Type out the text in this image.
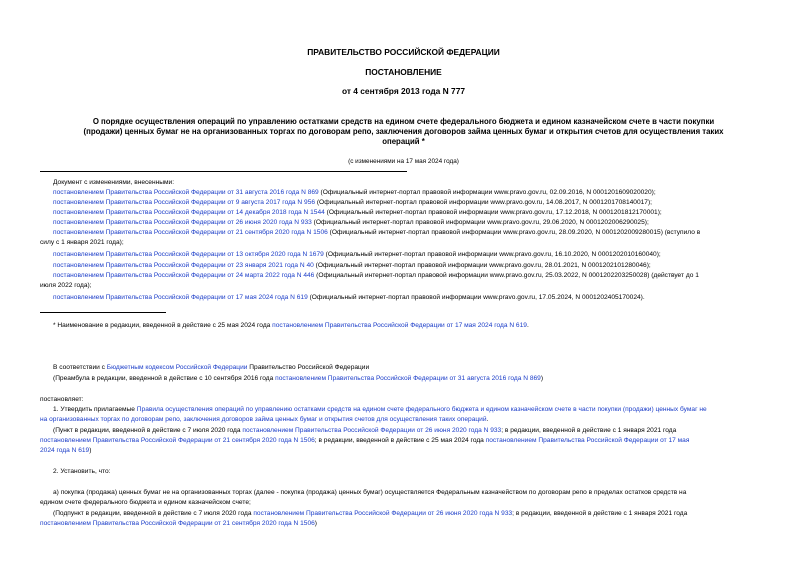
ПРАВИТЕЛЬСТВО РОССИЙСКОЙ ФЕДЕРАЦИИ
ПОСТАНОВЛЕНИЕ
от 4 сентября 2013 года N 777
О порядке осуществления операций по управлению остатками средств на едином счете федерального бюджета и едином казначейском счете в части покупки
(продажи) ценных бумаг не на организованных торгах по договорам репо, заключения договоров займа ценных бумаг и открытия счетов для осуществления таких
операций *
(с изменениями на 17 мая 2024 года)
Документ с изменениями, внесенными:
постановлением Правительства Российской Федерации от 31 августа 2016 года N 869 (Официальный интернет-портал правовой информации www.pravo.gov.ru, 02.09.2016, N 0001201609020020);
постановлением Правительства Российской Федерации от 9 августа 2017 года N 956 (Официальный интернет-портал правовой информации www.pravo.gov.ru, 14.08.2017, N 0001201708140017);
постановлением Правительства Российской Федерации от 14 декабря 2018 года N 1544 (Официальный интернет-портал правовой информации www.pravo.gov.ru, 17.12.2018, N 0001201812170001);
постановлением Правительства Российской Федерации от 26 июня 2020 года N 933 (Официальный интернет-портал правовой информации www.pravo.gov.ru, 29.06.2020, N 0001202006290025);
постановлением Правительства Российской Федерации от 21 сентября 2020 года N 1506 (Официальный интернет-портал правовой информации www.pravo.gov.ru, 28.09.2020, N 0001202009280015) (вступило в
силу с 1 января 2021 года);
постановлением Правительства Российской Федерации от 13 октября 2020 года N 1679 (Официальный интернет-портал правовой информации www.pravo.gov.ru, 16.10.2020, N 0001202010160040);
постановлением Правительства Российской Федерации от 23 января 2021 года N 40 (Официальный интернет-портал правовой информации www.pravo.gov.ru, 28.01.2021, N 0001202101280046);
постановлением Правительства Российской Федерации от 24 марта 2022 года N 446 (Официальный интернет-портал правовой информации www.pravo.gov.ru, 25.03.2022, N 0001202203250028) (действует до 1
июля 2022 года);
постановлением Правительства Российской Федерации от 17 мая 2024 года N 619 (Официальный интернет-портал правовой информации www.pravo.gov.ru, 17.05.2024, N 0001202405170024).
* Наименование в редакции, введенной в действие с 25 мая 2024 года постановлением Правительства Российской Федерации от 17 мая 2024 года N 619.
В соответствии с Бюджетным кодексом Российской Федерации Правительство Российской Федерации
(Преамбула в редакции, введенной в действие с 10 сентября 2016 года постановлением Правительства Российской Федерации от 31 августа 2016 года N 869)
постановляет:
1. Утвердить прилагаемые Правила осуществления операций по управлению остатками средств на едином счете федерального бюджета и едином казначейском счете в части покупки (продажи) ценных бумаг не
на организованных торгах по договорам репо, заключения договоров займа ценных бумаг и открытия счетов для осуществления таких операций.
(Пункт в редакции, введенной в действие с 7 июля 2020 года постановлением Правительства Российской Федерации от 26 июня 2020 года N 933; в редакции, введенной в действие с 1 января 2021 года
постановлением Правительства Российской Федерации от 21 сентября 2020 года N 1506; в редакции, введенной в действие с 25 мая 2024 года постановлением Правительства Российской Федерации от 17 мая
2024 года N 619)
2. Установить, что:
а) покупка (продажа) ценных бумаг не на организованных торгах (далее - покупка (продажа) ценных бумаг) осуществляется Федеральным казначейством по договорам репо в пределах остатков средств на
едином счете федерального бюджета и едином казначейском счете;
(Подпункт в редакции, введенной в действие с 7 июля 2020 года постановлением Правительства Российской Федерации от 26 июня 2020 года N 933; в редакции, введенной в действие с 1 января 2021 года
постановлением Правительства Российской Федерации от 21 сентября 2020 года N 1506)
